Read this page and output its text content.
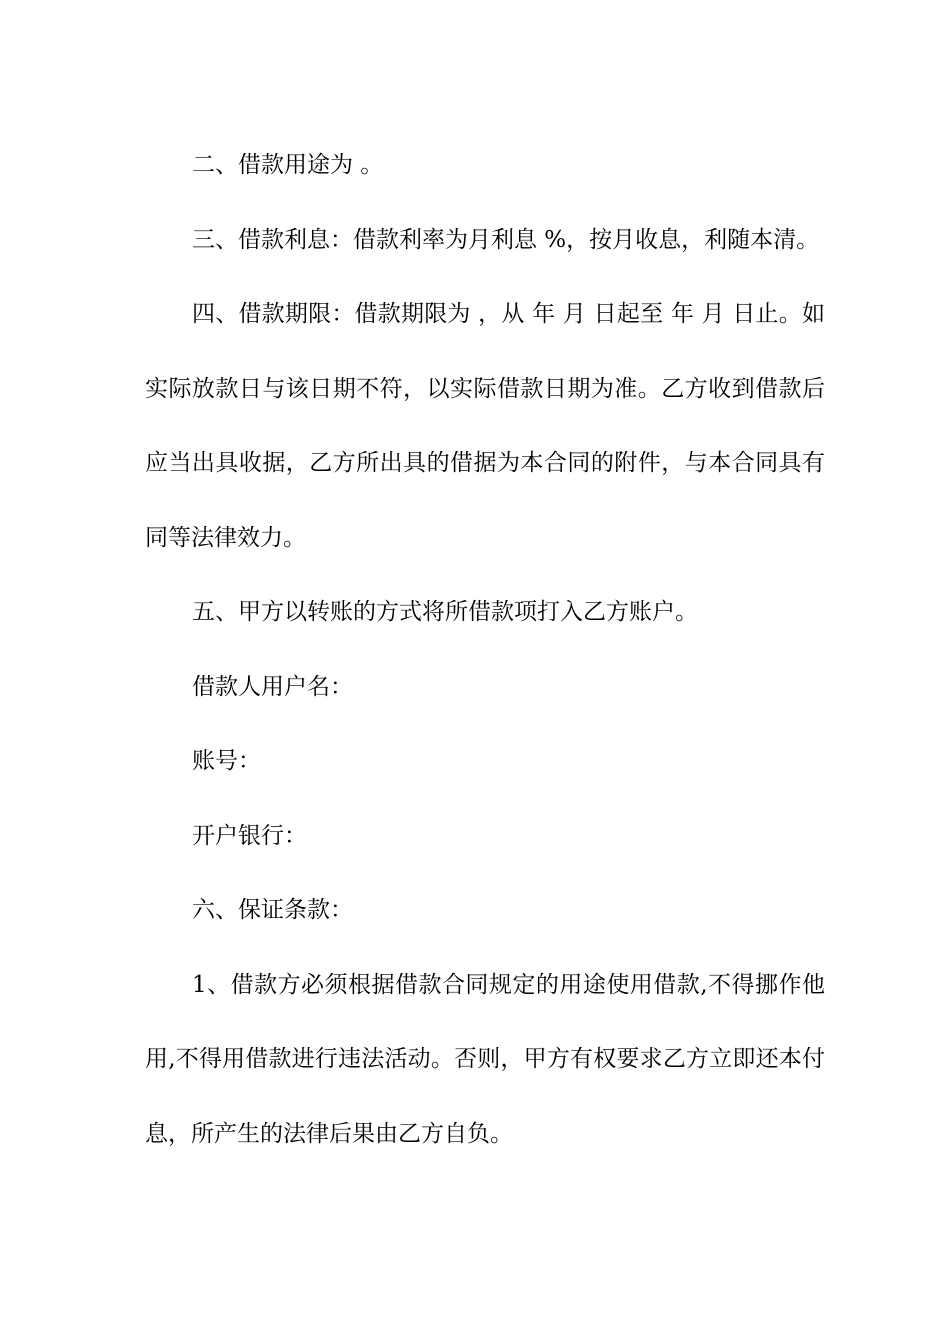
二、借款用途为 。

三、借款利息：借款利率为月利息 %，按月收息，利随本清。

四、借款期限：借款期限为 ，从 年 月 日起至 年 月 日止。如实际放款日与该日期不符，以实际借款日期为准。乙方收到借款后应当出具收据，乙方所出具的借据为本合同的附件，与本合同具有同等法律效力。

五、甲方以转账的方式将所借款项打入乙方账户。

借款人用户名：

账号：

开户银行：

六、保证条款：

1、借款方必须根据借款合同规定的用途使用借款,不得挪作他用,不得用借款进行违法活动。否则，甲方有权要求乙方立即还本付息，所产生的法律后果由乙方自负。
